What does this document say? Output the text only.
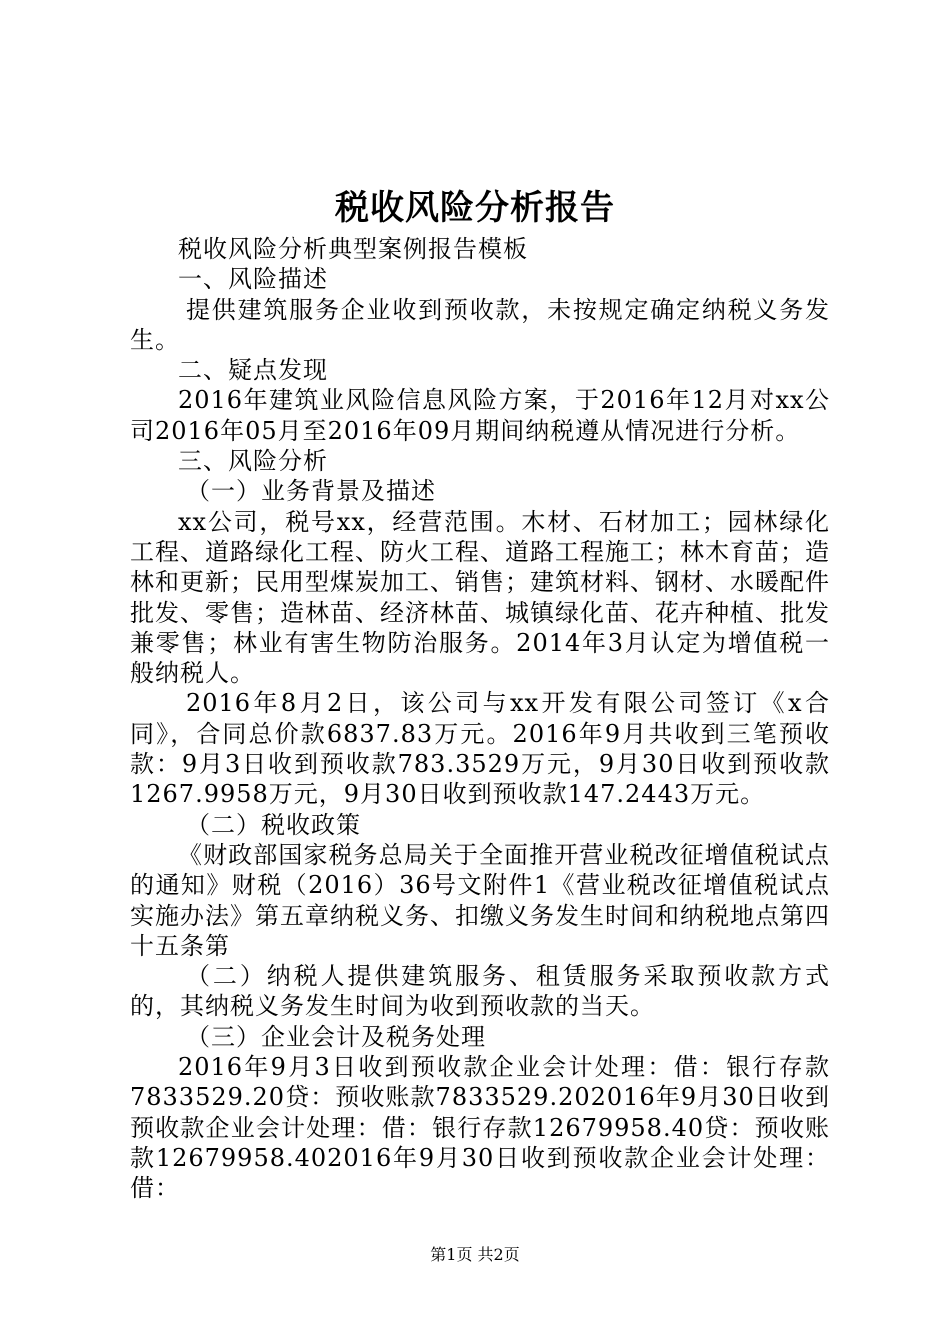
税收风险分析报告

税收风险分析典型案例报告模板

一、风险描述

提供建筑服务企业收到预收款，未按规定确定纳税义务发生。

二、疑点发现

2016年建筑业风险信息风险方案，于2016年12月对xx公司2016年05月至2016年09月期间纳税遵从情况进行分析。

三、风险分析

（一）业务背景及描述

xx公司，税号xx，经营范围。木材、石材加工；园林绿化工程、道路绿化工程、防火工程、道路工程施工；林木育苗；造林和更新；民用型煤炭加工、销售；建筑材料、钢材、水暖配件批发、零售；造林苗、经济林苗、城镇绿化苗、花卉种植、批发兼零售；林业有害生物防治服务。2014年3月认定为增值税一般纳税人。

2016年8月2日，该公司与xx开发有限公司签订《x合同》，合同总价款6837.83万元。2016年9月共收到三笔预收款：9月3日收到预收款783.3529万元，9月30日收到预收款1267.9958万元，9月30日收到预收款147.2443万元。

（二）税收政策

《财政部国家税务总局关于全面推开营业税改征增值税试点的通知》财税（2016）36号文附件1《营业税改征增值税试点实施办法》第五章纳税义务、扣缴义务发生时间和纳税地点第四十五条第

（二）纳税人提供建筑服务、租赁服务采取预收款方式的，其纳税义务发生时间为收到预收款的当天。

（三）企业会计及税务处理

2016年9月3日收到预收款企业会计处理：借：银行存款7833529.20贷：预收账款7833529.202016年9月30日收到预收款企业会计处理：借：银行存款12679958.40贷：预收账款12679958.402016年9月30日收到预收款企业会计处理：借：

第1页 共2页
